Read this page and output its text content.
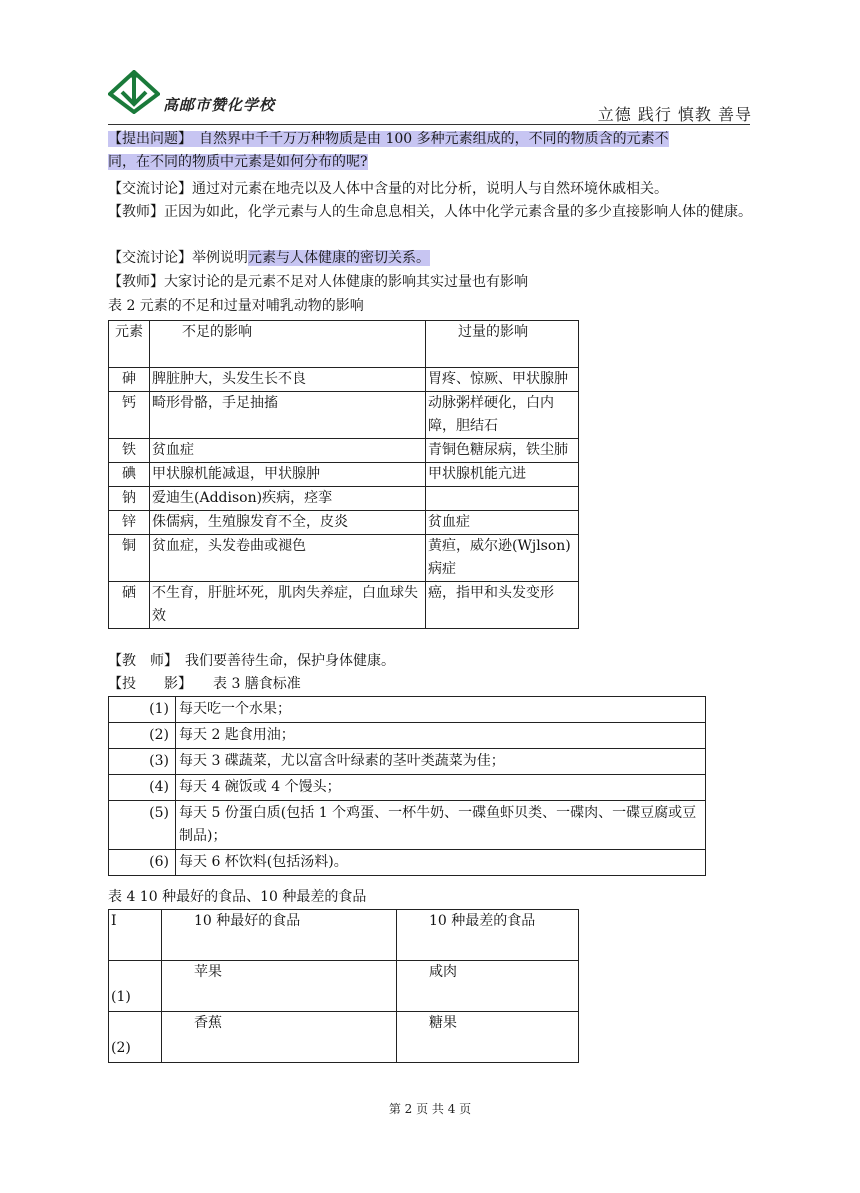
高邮市赞化学校	立德 践行 慎教 善导
【提出问题】　自然界中千千万万种物质是由 100 多种元素组成的，不同的物质含的元素不
同，在不同的物质中元素是如何分布的呢?
【交流讨论】通过对元素在地壳以及人体中含量的对比分析，说明人与自然环境休戚相关。
【教师】正因为如此，化学元素与人的生命息息相关，人体中化学元素含量的多少直接影响人体的健康。
【交流讨论】举例说明元素与人体健康的密切关系。
【教师】大家讨论的是元素不足对人体健康的影响其实过量也有影响
表 2 元素的不足和过量对哺乳动物的影响
元素	不足的影响	过量的影响
砷	脾脏肿大，头发生长不良	胃疼、惊厥、甲状腺肿
钙	畸形骨骼，手足抽搐	动脉粥样硬化，白内障，胆结石
铁	贫血症	青铜色糖尿病，铁尘肺
碘	甲状腺机能减退，甲状腺肿	甲状腺机能亢进
钠	爱迪生(Addison)疾病，痉挛	
锌	侏儒病，生殖腺发育不全，皮炎	贫血症
铜	贫血症，头发卷曲或褪色	黄疸，威尔逊(Wjlson)病症
硒	不生育，肝脏坏死，肌肉失养症，白血球失效	癌，指甲和头发变形
【教　师】　我们要善待生命，保护身体健康。
【投　　影】　　表 3 膳食标准
(1)	每天吃一个水果；
(2)	每天 2 匙食用油；
(3)	每天 3 碟蔬菜，尤以富含叶绿素的茎叶类蔬菜为佳；
(4)	每天 4 碗饭或 4 个馒头；
(5)	每天 5 份蛋白质(包括 1 个鸡蛋、一杯牛奶、一碟鱼虾贝类、一碟肉、一碟豆腐或豆制品)；
(6)	每天 6 杯饮料(包括汤料)。
表 4 10 种最好的食品、10 种最差的食品
I	10 种最好的食品	10 种最差的食品

(1)	苹果	咸肉

(2)	香蕉	糖果
第 2 页 共 4 页
